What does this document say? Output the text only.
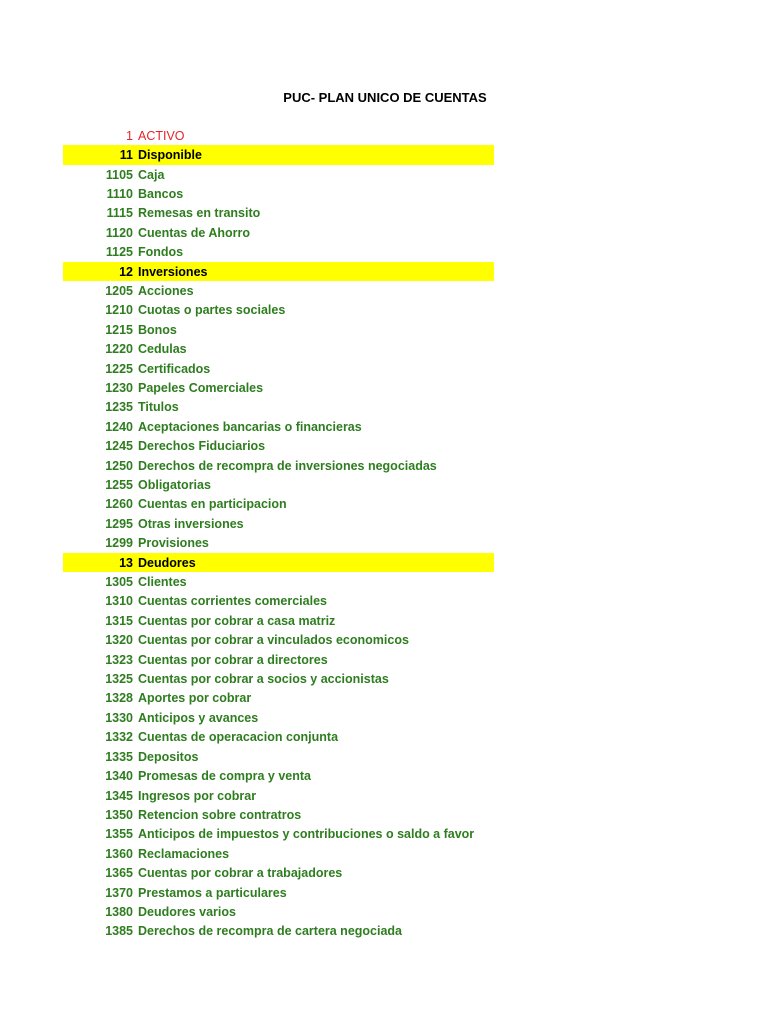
PUC- PLAN UNICO DE CUENTAS
1 ACTIVO
11 Disponible
1105 Caja
1110 Bancos
1115 Remesas en transito
1120 Cuentas de Ahorro
1125 Fondos
12 Inversiones
1205 Acciones
1210 Cuotas o partes sociales
1215 Bonos
1220 Cedulas
1225 Certificados
1230 Papeles Comerciales
1235 Titulos
1240 Aceptaciones bancarias o financieras
1245 Derechos Fiduciarios
1250 Derechos de recompra de inversiones negociadas
1255 Obligatorias
1260 Cuentas en participacion
1295 Otras inversiones
1299 Provisiones
13 Deudores
1305 Clientes
1310 Cuentas corrientes comerciales
1315 Cuentas por cobrar a casa matriz
1320 Cuentas por cobrar a vinculados economicos
1323 Cuentas por cobrar a directores
1325 Cuentas por cobrar a socios y accionistas
1328 Aportes por cobrar
1330 Anticipos y avances
1332 Cuentas de operacacion conjunta
1335 Depositos
1340 Promesas de compra y venta
1345 Ingresos por cobrar
1350 Retencion sobre contratros
1355 Anticipos de impuestos y contribuciones o saldo a favor
1360 Reclamaciones
1365 Cuentas por cobrar a trabajadores
1370 Prestamos a particulares
1380 Deudores varios
1385 Derechos de recompra de cartera negociada
